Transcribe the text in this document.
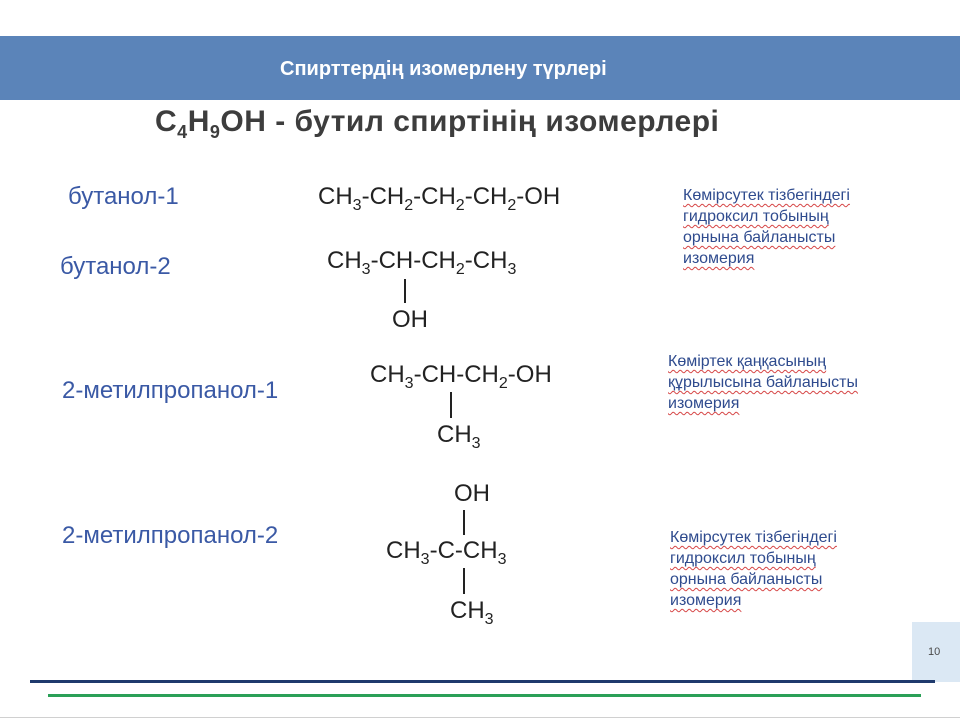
Спирттердің изомерлену түрлері
$C_4H_9OH$ - бутил спиртінің изомерлері
бутанол-1	$CH_3-CH_2-CH_2-CH_2-OH$
бутанол-2	$CH_3-CH-CH_2-CH_3$
OH
2-метилпропанол-1
$CH_3-CH-CH_2-OH$
$CH_3$
2-метилпропанол-2
OH
$CH_3-C-CH_3$
$CH_3$
Көмірсутек тізбегіндегі
гидроксил тобының
орнына байланысты
изомерия
Көміртек қаңқасының
құрылысына байланысты
изомерия
Көмірсутек тізбегіндегі
гидроксил тобының
орнына байланысты
изомерия
10
